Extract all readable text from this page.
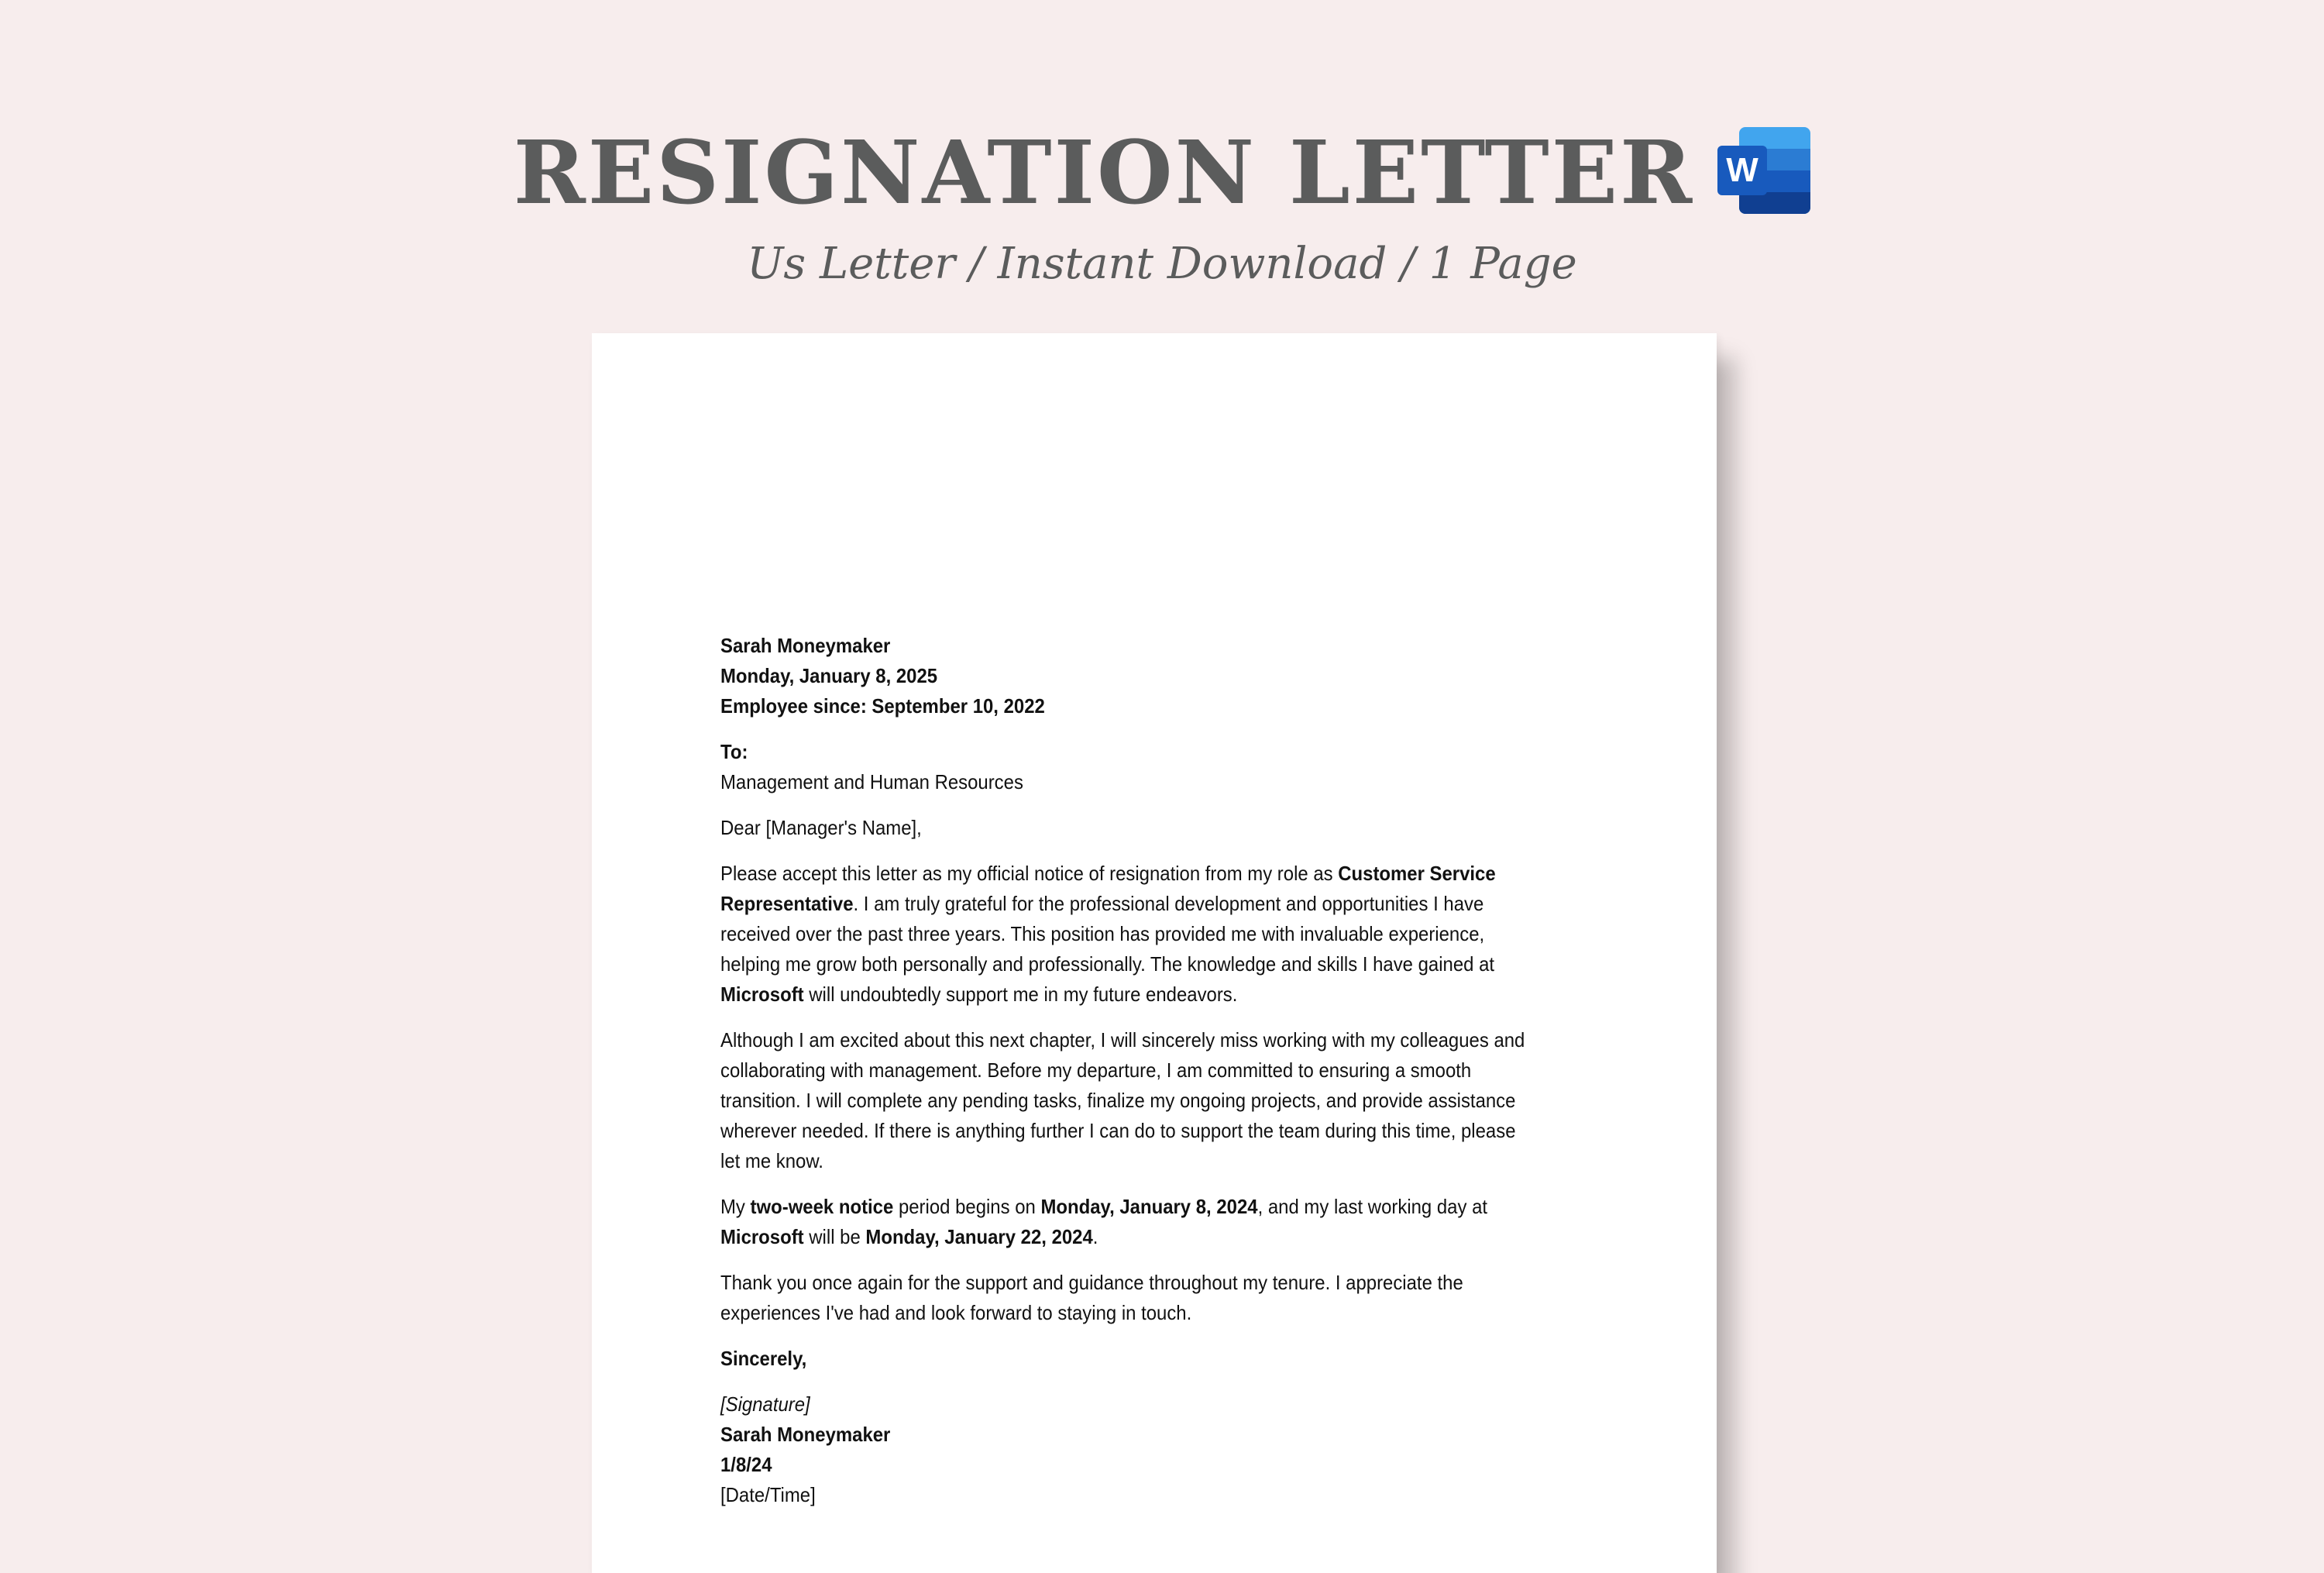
RESIGNATION LETTER W
Us Letter / Instant Download / 1 Page
Sarah Moneymaker
Monday, January 8, 2025
Employee since: September 10, 2022
To:
Management and Human Resources

Dear [Manager's Name],

Please accept this letter as my official notice of resignation from my role as Customer Service Representative. I am truly grateful for the professional development and opportunities I have received over the past three years. This position has provided me with invaluable experience, helping me grow both personally and professionally. The knowledge and skills I have gained at Microsoft will undoubtedly support me in my future endeavors.

Although I am excited about this next chapter, I will sincerely miss working with my colleagues and collaborating with management. Before my departure, I am committed to ensuring a smooth transition. I will complete any pending tasks, finalize my ongoing projects, and provide assistance wherever needed. If there is anything further I can do to support the team during this time, please let me know.

My two-week notice period begins on Monday, January 8, 2024, and my last working day at Microsoft will be Monday, January 22, 2024.

Thank you once again for the support and guidance throughout my tenure. I appreciate the experiences I've had and look forward to staying in touch.

Sincerely,

[Signature]
Sarah Moneymaker
1/8/24
[Date/Time]
